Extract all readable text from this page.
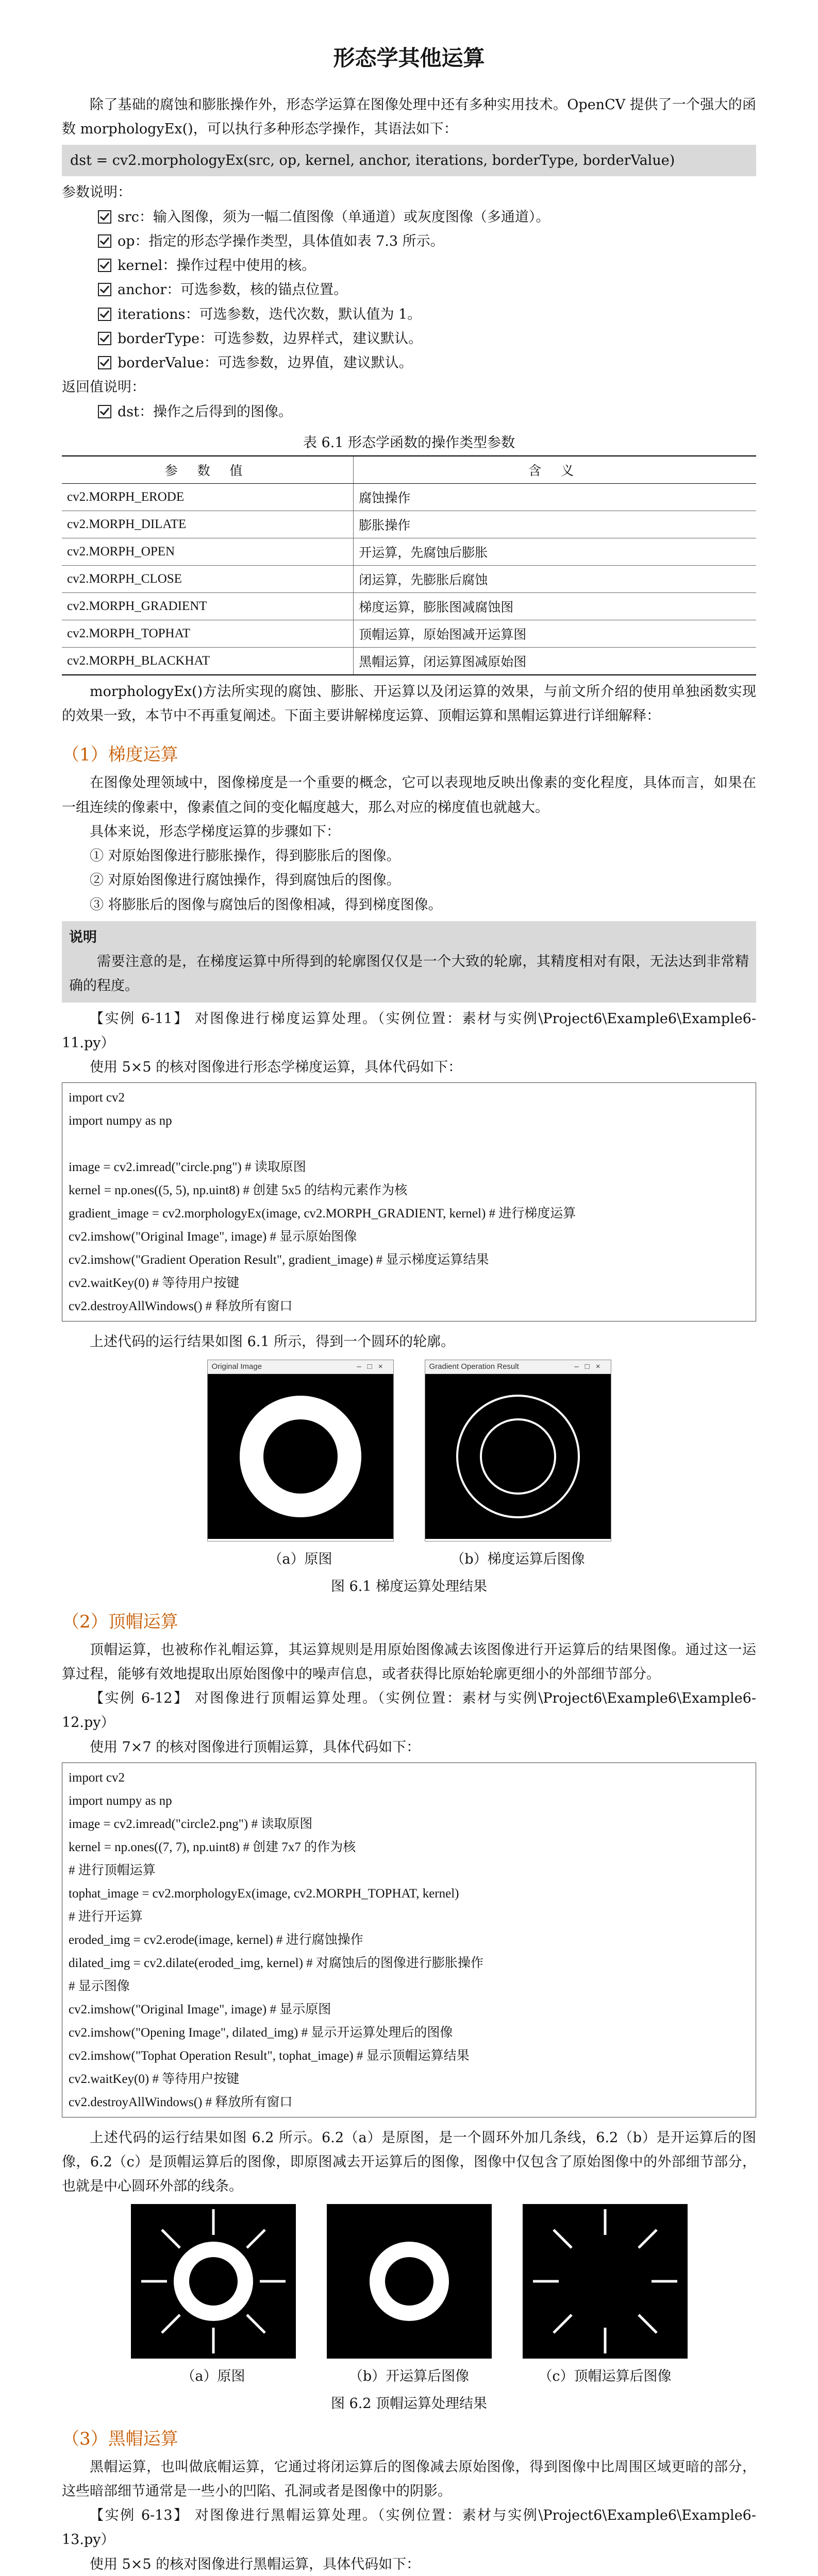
形态学其他运算

除了基础的腐蚀和膨胀操作外，形态学运算在图像处理中还有多种实用技术。OpenCV 提供了一个强大的函数 morphologyEx()，可以执行多种形态学操作，其语法如下：

dst = cv2.morphologyEx(src, op, kernel, anchor, iterations, borderType, borderValue)

参数说明：

src：输入图像，须为一幅二值图像（单通道）或灰度图像（多通道）。
op：指定的形态学操作类型，具体值如表 7.3 所示。
kernel：操作过程中使用的核。
anchor：可选参数，核的锚点位置。
iterations：可选参数，迭代次数，默认值为 1。
borderType：可选参数，边界样式，建议默认。
borderValue：可选参数，边界值，建议默认。

返回值说明：

dst：操作之后得到的图像。
表 6.1 形态学函数的操作类型参数
参 数 值	含 义
cv2.MORPH_ERODE	腐蚀操作
cv2.MORPH_DILATE	膨胀操作
cv2.MORPH_OPEN	开运算，先腐蚀后膨胀
cv2.MORPH_CLOSE	闭运算，先膨胀后腐蚀
cv2.MORPH_GRADIENT	梯度运算，膨胀图减腐蚀图
cv2.MORPH_TOPHAT	顶帽运算，原始图减开运算图
cv2.MORPH_BLACKHAT	黑帽运算，闭运算图减原始图

morphologyEx()方法所实现的腐蚀、膨胀、开运算以及闭运算的效果，与前文所介绍的使用单独函数实现的效果一致，本节中不再重复阐述。下面主要讲解梯度运算、顶帽运算和黑帽运算进行详细解释：

（1）梯度运算

在图像处理领域中，图像梯度是一个重要的概念，它可以表现地反映出像素的变化程度，具体而言，如果在一组连续的像素中，像素值之间的变化幅度越大，那么对应的梯度值也就越大。

具体来说，形态学梯度运算的步骤如下：

① 对原始图像进行膨胀操作，得到膨胀后的图像。
② 对原始图像进行腐蚀操作，得到腐蚀后的图像。
③ 将膨胀后的图像与腐蚀后的图像相减，得到梯度图像。
说明

需要注意的是，在梯度运算中所得到的轮廓图仅仅是一个大致的轮廓，其精度相对有限，无法达到非常精确的程度。

【实例 6-11】 对图像进行梯度运算处理。（实例位置：素材与实例\Project6\Example6\Example6-11.py）

使用 5×5 的核对图像进行形态学梯度运算，具体代码如下：

import cv2
import numpy as np
image = cv2.imread("circle.png") # 读取原图
kernel = np.ones((5, 5), np.uint8) # 创建 5x5 的结构元素作为核
gradient_image = cv2.morphologyEx(image, cv2.MORPH_GRADIENT, kernel) # 进行梯度运算
cv2.imshow("Original Image", image) # 显示原始图像
cv2.imshow("Gradient Operation Result", gradient_image) # 显示梯度运算结果
cv2.waitKey(0) # 等待用户按键
cv2.destroyAllWindows() # 释放所有窗口

上述代码的运行结果如图 6.1 所示，得到一个圆环的轮廓。

Original Image	–□×
（a）原图
Gradient Operation Result	–□×
（b）梯度运算后图像
图 6.1 梯度运算处理结果
（2）顶帽运算

顶帽运算，也被称作礼帽运算，其运算规则是用原始图像减去该图像进行开运算后的结果图像。通过这一运算过程，能够有效地提取出原始图像中的噪声信息，或者获得比原始轮廓更细小的外部细节部分。

【实例 6-12】 对图像进行顶帽运算处理。（实例位置：素材与实例\Project6\Example6\Example6-12.py）

使用 7×7 的核对图像进行顶帽运算，具体代码如下：

import cv2
import numpy as np
image = cv2.imread("circle2.png") # 读取原图
kernel = np.ones((7, 7), np.uint8) # 创建 7x7 的作为核
# 进行顶帽运算
tophat_image = cv2.morphologyEx(image, cv2.MORPH_TOPHAT, kernel)
# 进行开运算
eroded_img = cv2.erode(image, kernel) # 进行腐蚀操作
dilated_img = cv2.dilate(eroded_img, kernel) # 对腐蚀后的图像进行膨胀操作
# 显示图像
cv2.imshow("Original Image", image) # 显示原图
cv2.imshow("Opening Image", dilated_img) # 显示开运算处理后的图像
cv2.imshow("Tophat Operation Result", tophat_image) # 显示顶帽运算结果
cv2.waitKey(0) # 等待用户按键
cv2.destroyAllWindows() # 释放所有窗口

上述代码的运行结果如图 6.2 所示。6.2（a）是原图，是一个圆环外加几条线，6.2（b）是开运算后的图像，6.2（c）是顶帽运算后的图像，即原图减去开运算后的图像，图像中仅包含了原始图像中的外部细节部分，也就是中心圆环外部的线条。

（a）原图	（b）开运算后图像	（c）顶帽运算后图像
图 6.2 顶帽运算处理结果
（3）黑帽运算

黑帽运算，也叫做底帽运算，它通过将闭运算后的图像减去原始图像，得到图像中比周围区域更暗的部分，这些暗部细节通常是一些小的凹陷、孔洞或者是图像中的阴影。

【实例 6-13】 对图像进行黑帽运算处理。（实例位置：素材与实例\Project6\Example6\Example6-13.py）

使用 5×5 的核对图像进行黑帽运算，具体代码如下：
